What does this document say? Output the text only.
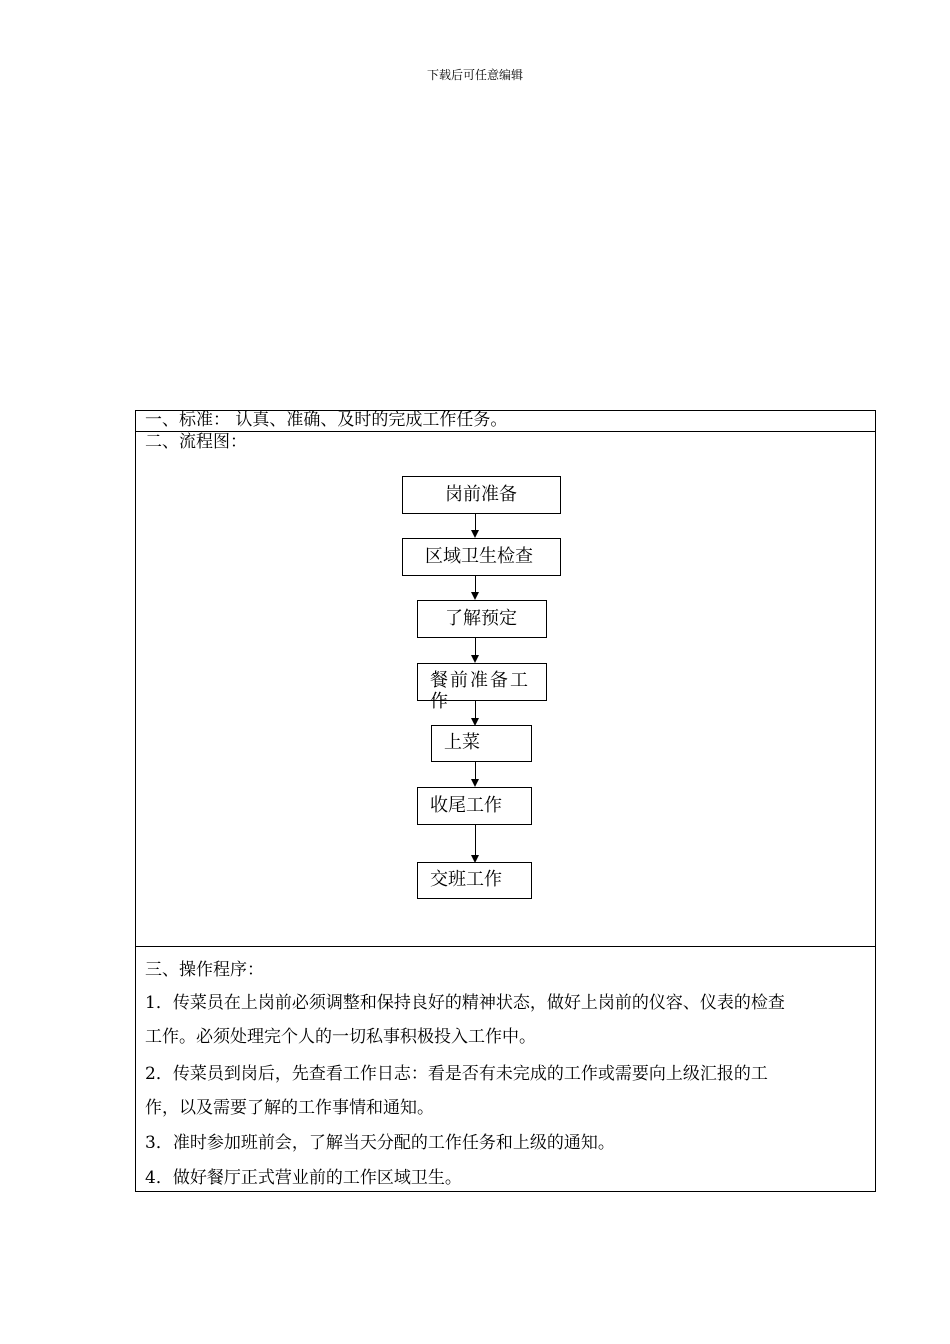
下载后可任意编辑
一、标准： 认真、准确、及时的完成工作任务。
二、流程图：
岗前准备
区域卫生检查
了解预定
餐前准备工作
上菜
收尾工作
交班工作
三、操作程序：
1．传菜员在上岗前必须调整和保持良好的精神状态，做好上岗前的仪容、仪表的检查
工作。必须处理完个人的一切私事积极投入工作中。
2．传菜员到岗后，先查看工作日志：看是否有未完成的工作或需要向上级汇报的工
作，以及需要了解的工作事情和通知。
3．准时参加班前会，了解当天分配的工作任务和上级的通知。
4．做好餐厅正式营业前的工作区域卫生。
